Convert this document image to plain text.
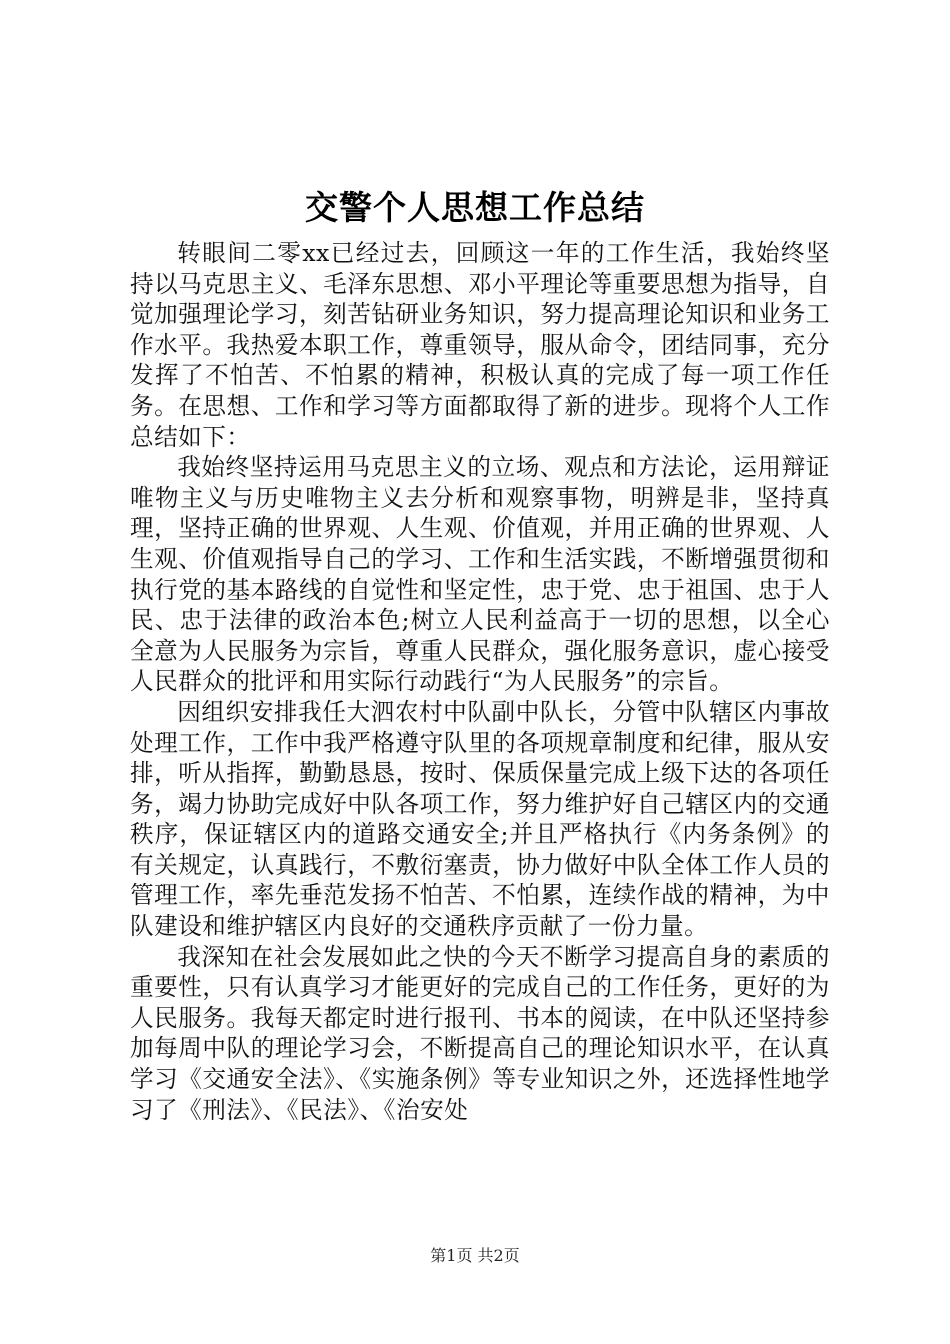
交警个人思想工作总结

转眼间二零xx已经过去，回顾这一年的工作生活，我始终坚持以马克思主义、毛泽东思想、邓小平理论等重要思想为指导，自觉加强理论学习，刻苦钻研业务知识，努力提高理论知识和业务工作水平。我热爱本职工作，尊重领导，服从命令，团结同事，充分发挥了不怕苦、不怕累的精神，积极认真的完成了每一项工作任务。在思想、工作和学习等方面都取得了新的进步。现将个人工作总结如下：

我始终坚持运用马克思主义的立场、观点和方法论，运用辩证唯物主义与历史唯物主义去分析和观察事物，明辨是非，坚持真理，坚持正确的世界观、人生观、价值观，并用正确的世界观、人生观、价值观指导自己的学习、工作和生活实践，不断增强贯彻和执行党的基本路线的自觉性和坚定性，忠于党、忠于祖国、忠于人民、忠于法律的政治本色;树立人民利益高于一切的思想，以全心全意为人民服务为宗旨，尊重人民群众，强化服务意识，虚心接受人民群众的批评和用实际行动践行“为人民服务”的宗旨。

因组织安排我任大泗农村中队副中队长，分管中队辖区内事故处理工作，工作中我严格遵守队里的各项规章制度和纪律，服从安排，听从指挥，勤勤恳恳，按时、保质保量完成上级下达的各项任务，竭力协助完成好中队各项工作，努力维护好自己辖区内的交通秩序，保证辖区内的道路交通安全;并且严格执行《内务条例》的有关规定，认真践行，不敷衍塞责，协力做好中队全体工作人员的管理工作，率先垂范发扬不怕苦、不怕累，连续作战的精神，为中队建设和维护辖区内良好的交通秩序贡献了一份力量。

我深知在社会发展如此之快的今天不断学习提高自身的素质的重要性，只有认真学习才能更好的完成自己的工作任务，更好的为人民服务。我每天都定时进行报刊、书本的阅读，在中队还坚持参加每周中队的理论学习会，不断提高自己的理论知识水平，在认真学习《交通安全法》、《实施条例》等专业知识之外，还选择性地学习了《刑法》、《民法》、《治安处

第1页 共2页
